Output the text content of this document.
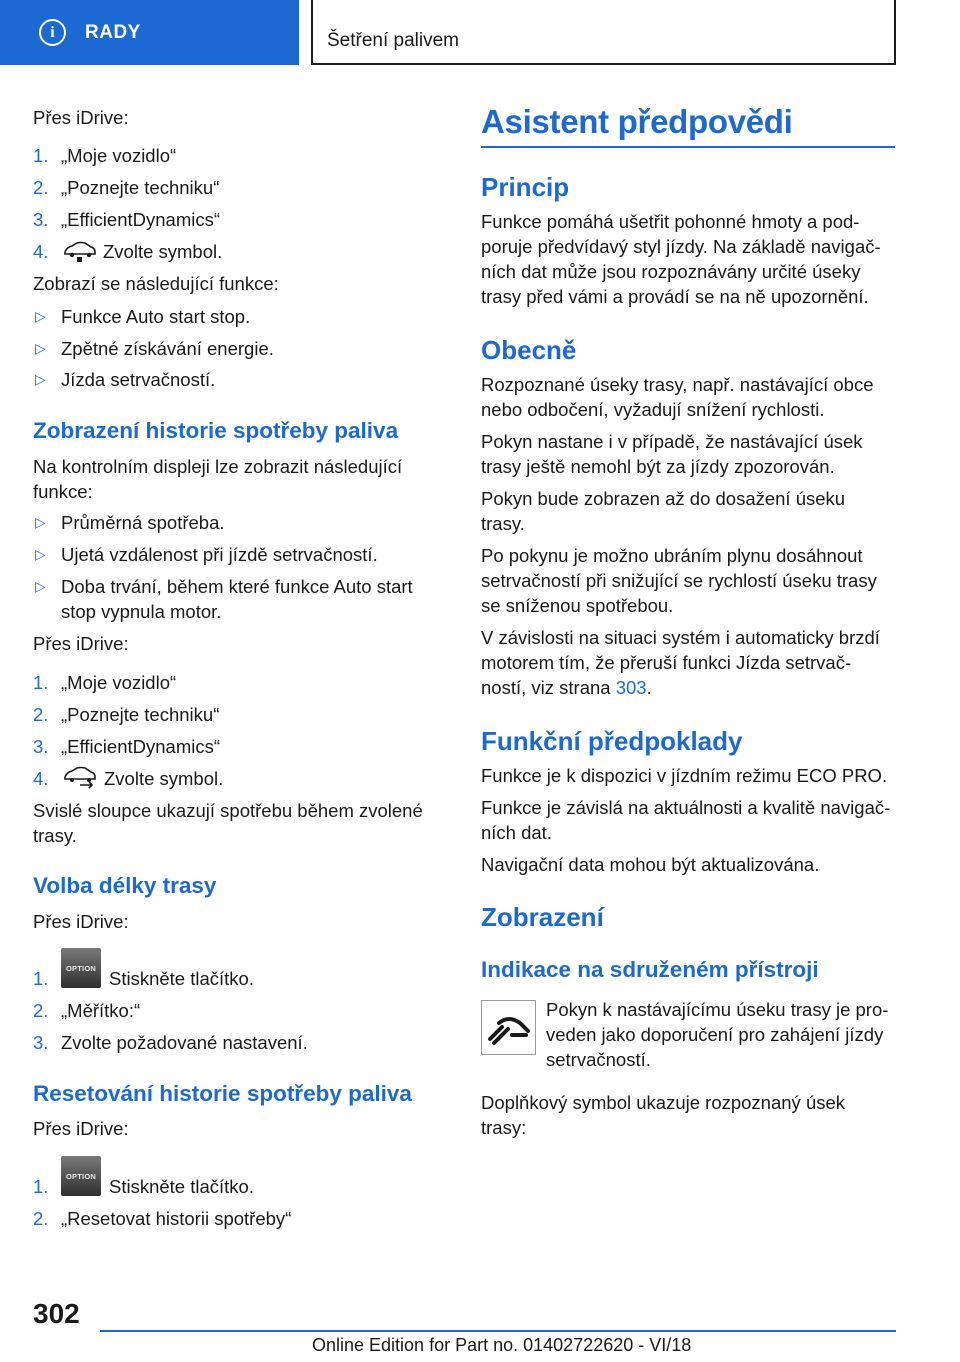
i RADY	Šetření palivem
Přes iDrive:
1. „Moje vozidlo“
2. „Poznejte techniku“
3. „EfficientDynamics“
4.	Zvolte symbol.
Zobrazí se následující funkce:
▷ Funkce Auto start stop.
▷ Zpětné získávání energie.
▷ Jízda setrvačností.
Zobrazení historie spotřeby paliva
Na kontrolním displeji lze zobrazit následující
funkce:
▷ Průměrná spotřeba.
▷ Ujetá vzdálenost při jízdě setrvačností.
▷ Doba trvání, během které funkce Auto start
stop vypnula motor.
Přes iDrive:
1. „Moje vozidlo“
2. „Poznejte techniku“
3. „EfficientDynamics“
4.	Zvolte symbol.
Svislé sloupce ukazují spotřebu během zvolené
trasy.
Volba délky trasy
Přes iDrive:
1. OPTION Stiskněte tlačítko.
2. „Měřítko:“
3. Zvolte požadované nastavení.
Resetování historie spotřeby paliva
Přes iDrive:
1. OPTION Stiskněte tlačítko.
2. „Resetovat historii spotřeby“
Asistent předpovědi
Princip
Funkce pomáhá ušetřit pohonné hmoty a pod‐
poruje předvídavý styl jízdy. Na základě navigač‐
ních dat může jsou rozpoznávány určité úseky
trasy před vámi a provádí se na ně upozornění.
Obecně
Rozpoznané úseky trasy, např. nastávající obce
nebo odbočení, vyžadují snížení rychlosti.
Pokyn nastane i v případě, že nastávající úsek
trasy ještě nemohl být za jízdy zpozorován.
Pokyn bude zobrazen až do dosažení úseku
trasy.
Po pokynu je možno ubráním plynu dosáhnout
setrvačností při snižující se rychlostí úseku trasy
se sníženou spotřebou.
V závislosti na situaci systém i automaticky brzdí
motorem tím, že přeruší funkci Jízda setrvač‐
ností, viz strana 303.
Funkční předpoklady
Funkce je k dispozici v jízdním režimu ECO PRO.
Funkce je závislá na aktuálnosti a kvalitě navigač‐
ních dat.
Navigační data mohou být aktualizována.
Zobrazení
Indikace na sdruženém přístroji
Pokyn k nastávajícímu úseku trasy je pro‐
veden jako doporučení pro zahájení jízdy
setrvačností.
Doplňkový symbol ukazuje rozpoznaný úsek
trasy:
302
Online Edition for Part no. 01402722620 - VI/18
